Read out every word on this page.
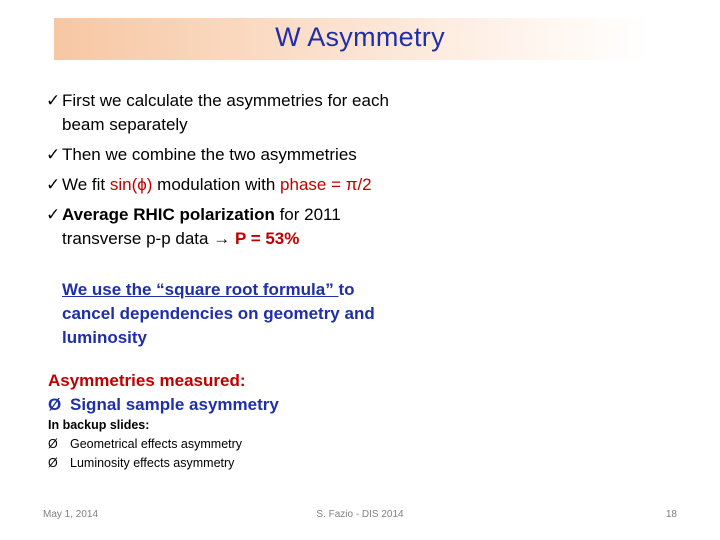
W Asymmetry
✓ First we calculate the asymmetries for each

beam separately
✓ Then we combine the two asymmetries
✓ We fit sin(ϕ) modulation with phase = π/2
✓ Average RHIC polarization for 2011

transverse p-p data → P = 53%
We use the “square root formula” to
cancel dependencies on geometry and
luminosity
Asymmetries measured:
Ø Signal sample asymmetry
In backup slides:
Ø Geometrical effects asymmetry
Ø Luminosity effects asymmetry
May 1, 2014	S. Fazio - DIS 2014	18
